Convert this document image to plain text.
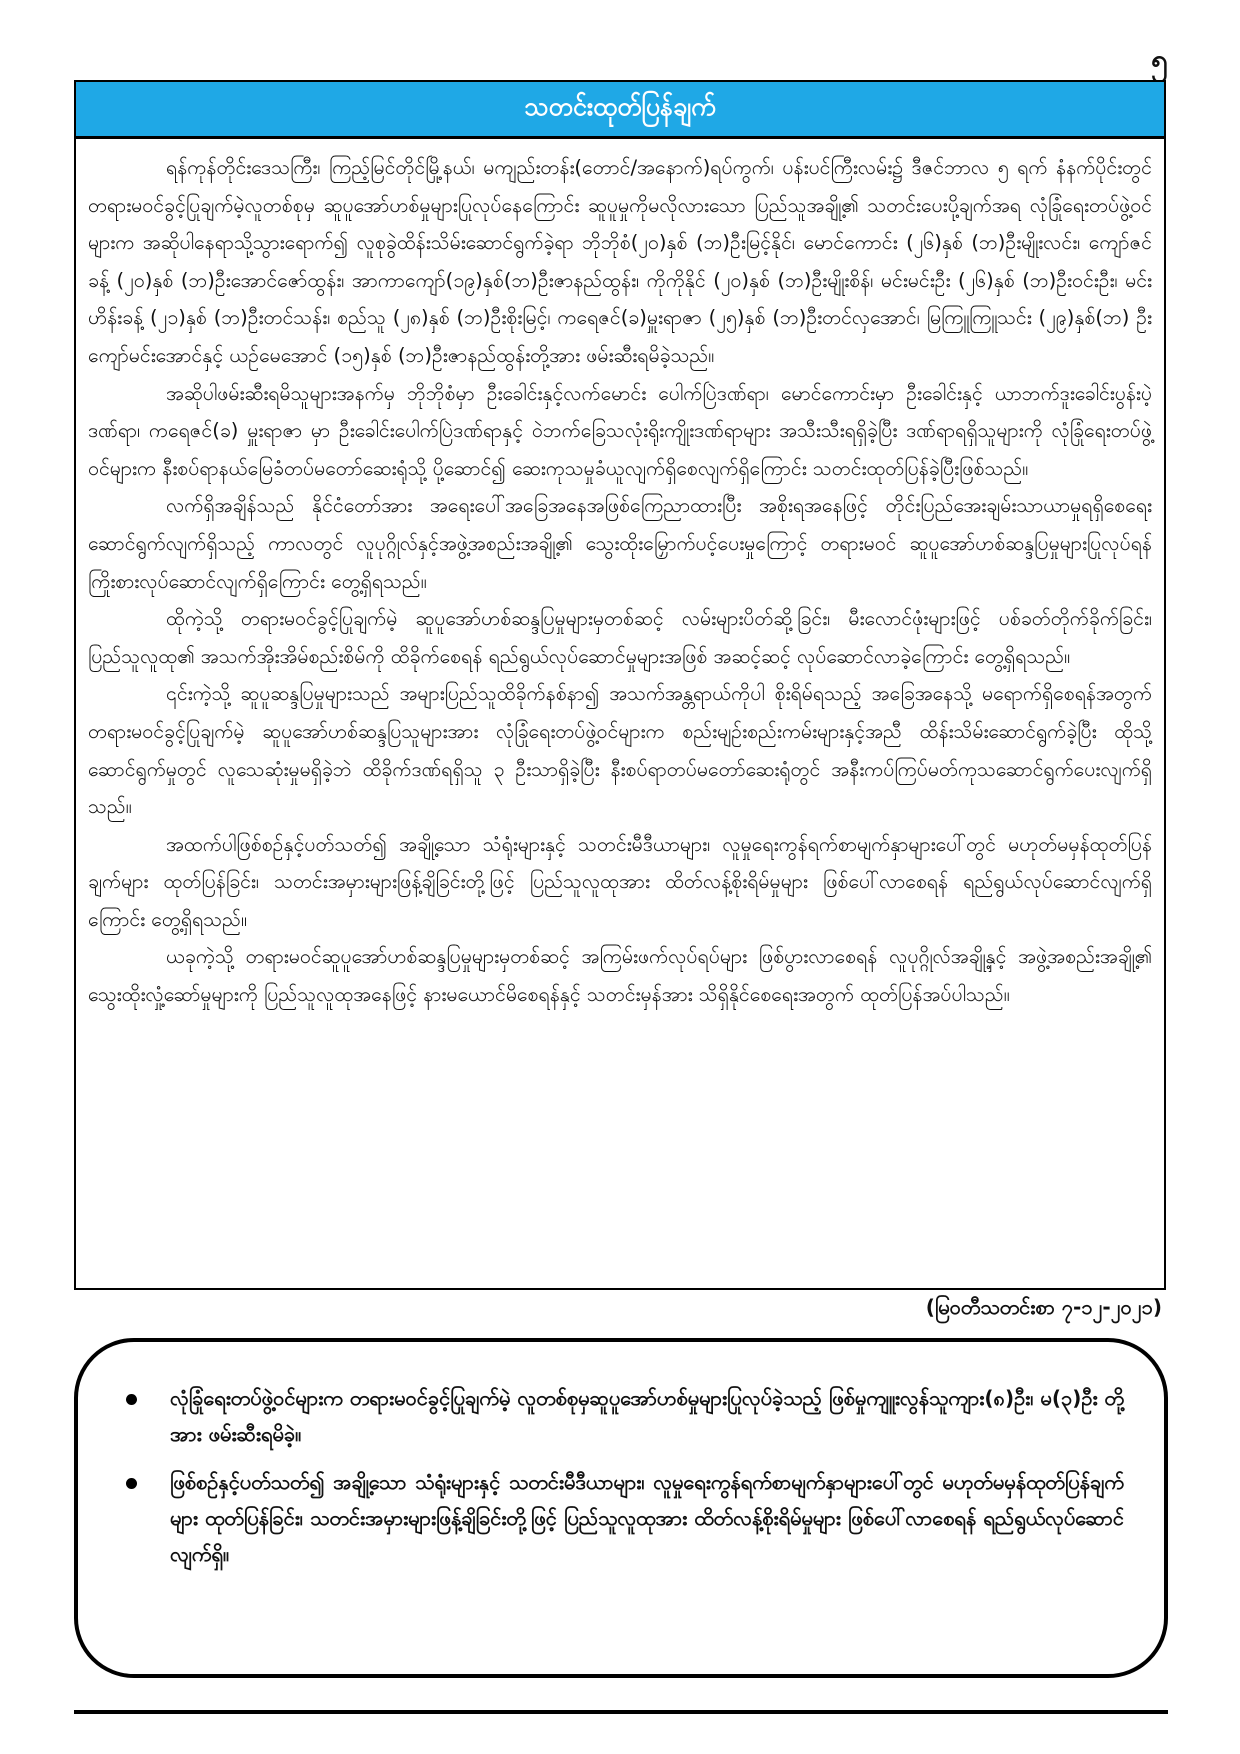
၅
သတင်းထုတ်ပြန်ချက်

ရန်ကုန်တိုင်းဒေသကြီး၊ ကြည့်မြင်တိုင်မြို့နယ်၊ မကျည်းတန်း(တောင်/အနောက်)ရပ်ကွက်၊ ပန်းပင်ကြီးလမ်း၌ ဒီဇင်ဘာလ ၅ ရက် နံနက်ပိုင်းတွင် တရားမဝင်ခွင့်ပြုချက်မဲ့လူတစ်စုမှ ဆူပူအော်ဟစ်မှုများပြုလုပ်နေကြောင်း ဆူပူမှုကိုမလိုလားသော ပြည်သူအချို့၏ သတင်းပေးပို့ချက်အရ လုံခြုံရေးတပ်ဖွဲ့ဝင်များက အဆိုပါနေရာသို့သွားရောက်၍ လူစုခွဲထိန်းသိမ်းဆောင်ရွက်ခဲ့ရာ ဘိုဘိုစံ(၂၀)နှစ် (ဘ)ဦးမြင့်နိုင်၊ မောင်ကောင်း (၂၆)နှစ် (ဘ)ဦးမျိုးလင်း၊ ကျော်ဇင်ခန့် (၂၀)နှစ် (ဘ)ဦးအောင်ဇော်ထွန်း၊ အာကာကျော်(၁၉)နှစ်(ဘ)ဦးဇာနည်ထွန်း၊ ကိုကိုနိုင် (၂၀)နှစ် (ဘ)ဦးမျိုးစိန်၊ မင်းမင်းဦး (၂၆)နှစ် (ဘ)ဦးဝင်းဦး၊ မင်းဟိန်းခန့် (၂၁)နှစ် (ဘ)ဦးတင်သန်း၊ စည်သူ (၂၈)နှစ် (ဘ)ဦးစိုးမြင့်၊ ကရေဇင်(ခ)မှူးရာဇာ (၂၅)နှစ် (ဘ)ဦးတင်လှအောင်၊ မြကြူကြူသင်း (၂၉)နှစ်(ဘ) ဦးကျော်မင်းအောင်နှင့် ယဉ်မေအောင် (၁၅)နှစ် (ဘ)ဦးဇာနည်ထွန်းတို့အား ဖမ်းဆီးရမိခဲ့သည်။

အဆိုပါဖမ်းဆီးရမိသူများအနက်မှ ဘိုဘိုစံမှာ ဦးခေါင်းနှင့်လက်မောင်း ပေါက်ပြဲဒဏ်ရာ၊ မောင်ကောင်းမှာ ဦးခေါင်းနှင့် ယာဘက်ဒူးခေါင်းပွန်းပဲ့ဒဏ်ရာ၊ ကရေဇင်(ခ) မှူးရာဇာ မှာ ဦးခေါင်းပေါက်ပြဲဒဏ်ရာနှင့် ဝဲဘက်ခြေသလုံးရိုးကျိုးဒဏ်ရာများ အသီးသီးရရှိခဲ့ပြီး ဒဏ်ရာရရှိသူများကို လုံခြုံရေးတပ်ဖွဲ့ဝင်များက နီးစပ်ရာနယ်မြေခံတပ်မတော်ဆေးရုံသို့ ပို့ဆောင်၍ ဆေးကုသမှုခံယူလျက်ရှိစေလျက်ရှိကြောင်း သတင်းထုတ်ပြန်ခဲ့ပြီးဖြစ်သည်။

လက်ရှိအချိန်သည် နိုင်ငံတော်အား အရေးပေါ်အခြေအနေအဖြစ်ကြေညာထားပြီး အစိုးရအနေဖြင့် တိုင်းပြည်အေးချမ်းသာယာမှုရရှိစေရေး ဆောင်ရွက်လျက်ရှိသည့် ကာလတွင် လူပုဂ္ဂိုလ်နှင့်အဖွဲ့အစည်းအချို့၏ သွေးထိုးမြှောက်ပင့်ပေးမှုကြောင့် တရားမဝင် ဆူပူအော်ဟစ်ဆန္ဒပြမှုများပြုလုပ်ရန် ကြိုးစားလုပ်ဆောင်လျက်ရှိကြောင်း တွေ့ရှိရသည်။

ထိုကဲ့သို့ တရားမဝင်ခွင့်ပြုချက်မဲ့ ဆူပူအော်ဟစ်ဆန္ဒပြမှုများမှတစ်ဆင့် လမ်းများပိတ်ဆို့ခြင်း၊ မီးလောင်ဖုံးများဖြင့် ပစ်ခတ်တိုက်ခိုက်ခြင်း၊ ပြည်သူလူထု၏ အသက်အိုးအိမ်စည်းစိမ်ကို ထိခိုက်စေရန် ရည်ရွယ်လုပ်ဆောင်မှုများအဖြစ် အဆင့်ဆင့် လုပ်ဆောင်လာခဲ့ကြောင်း တွေ့ရှိရသည်။

၎င်းကဲ့သို့ ဆူပူဆန္ဒပြမှုများသည် အများပြည်သူထိခိုက်နစ်နာ၍ အသက်အန္တရာယ်ကိုပါ စိုးရိမ်ရသည့် အခြေအနေသို့ မရောက်ရှိစေရန်အတွက် တရားမဝင်ခွင့်ပြုချက်မဲ့ ဆူပူအော်ဟစ်ဆန္ဒပြသူများအား လုံခြုံရေးတပ်ဖွဲ့ဝင်များက စည်းမျဉ်းစည်းကမ်းများနှင့်အညီ ထိန်းသိမ်းဆောင်ရွက်ခဲ့ပြီး ထိုသို့ဆောင်ရွက်မှုတွင် လူသေဆုံးမှုမရှိခဲ့ဘဲ ထိခိုက်ဒဏ်ရရှိသူ ၃ ဦးသာရှိခဲ့ပြီး နီးစပ်ရာတပ်မတော်ဆေးရုံတွင် အနီးကပ်ကြပ်မတ်ကုသဆောင်ရွက်ပေးလျက်ရှိသည်။

အထက်ပါဖြစ်စဉ်နှင့်ပတ်သတ်၍ အချို့သော သံရုံးများနှင့် သတင်းမီဒီယာများ၊ လူမှုရေးကွန်ရက်စာမျက်နှာများပေါ်တွင် မဟုတ်မမှန်ထုတ်ပြန်ချက်များ ထုတ်ပြန်ခြင်း၊ သတင်းအမှားများဖြန့်ချိခြင်းတို့ဖြင့် ပြည်သူလူထုအား ထိတ်လန့်စိုးရိမ်မှုများ ဖြစ်ပေါ်လာစေရန် ရည်ရွယ်လုပ်ဆောင်လျက်ရှိကြောင်း တွေ့ရှိရသည်။

ယခုကဲ့သို့ တရားမဝင်ဆူပူအော်ဟစ်ဆန္ဒပြမှုများမှတစ်ဆင့် အကြမ်းဖက်လုပ်ရပ်များ ဖြစ်ပွားလာစေရန် လူပုဂ္ဂိုလ်အချို့နှင့် အဖွဲ့အစည်းအချို့၏ သွေးထိုးလှုံ့ဆော်မှုများကို ပြည်သူလူထုအနေဖြင့် နားမယောင်မိစေရန်နှင့် သတင်းမှန်အား သိရှိနိုင်စေရေးအတွက် ထုတ်ပြန်အပ်ပါသည်။

(မြဝတီသတင်းစာ ၇-၁၂-၂၀၂၁)
လုံခြုံရေးတပ်ဖွဲ့ဝင်များက တရားမဝင်ခွင့်ပြုချက်မဲ့ လူတစ်စုမှဆူပူအော်ဟစ်မှုများပြုလုပ်ခဲ့သည့် ဖြစ်မှုကျူးလွန်သူကျား(၈)ဦး၊ မ(၃)ဦး တို့အား ဖမ်းဆီးရမိခဲ့။
ဖြစ်စဉ်နှင့်ပတ်သတ်၍ အချို့သော သံရုံးများနှင့် သတင်းမီဒီယာများ၊ လူမှုရေးကွန်ရက်စာမျက်နှာများပေါ်တွင် မဟုတ်မမှန်ထုတ်ပြန်ချက်များ ထုတ်ပြန်ခြင်း၊ သတင်းအမှားများဖြန့်ချိခြင်းတို့ဖြင့် ပြည်သူလူထုအား ထိတ်လန့်စိုးရိမ်မှုများ ဖြစ်ပေါ်လာစေရန် ရည်ရွယ်လုပ်ဆောင်လျက်ရှိ။
